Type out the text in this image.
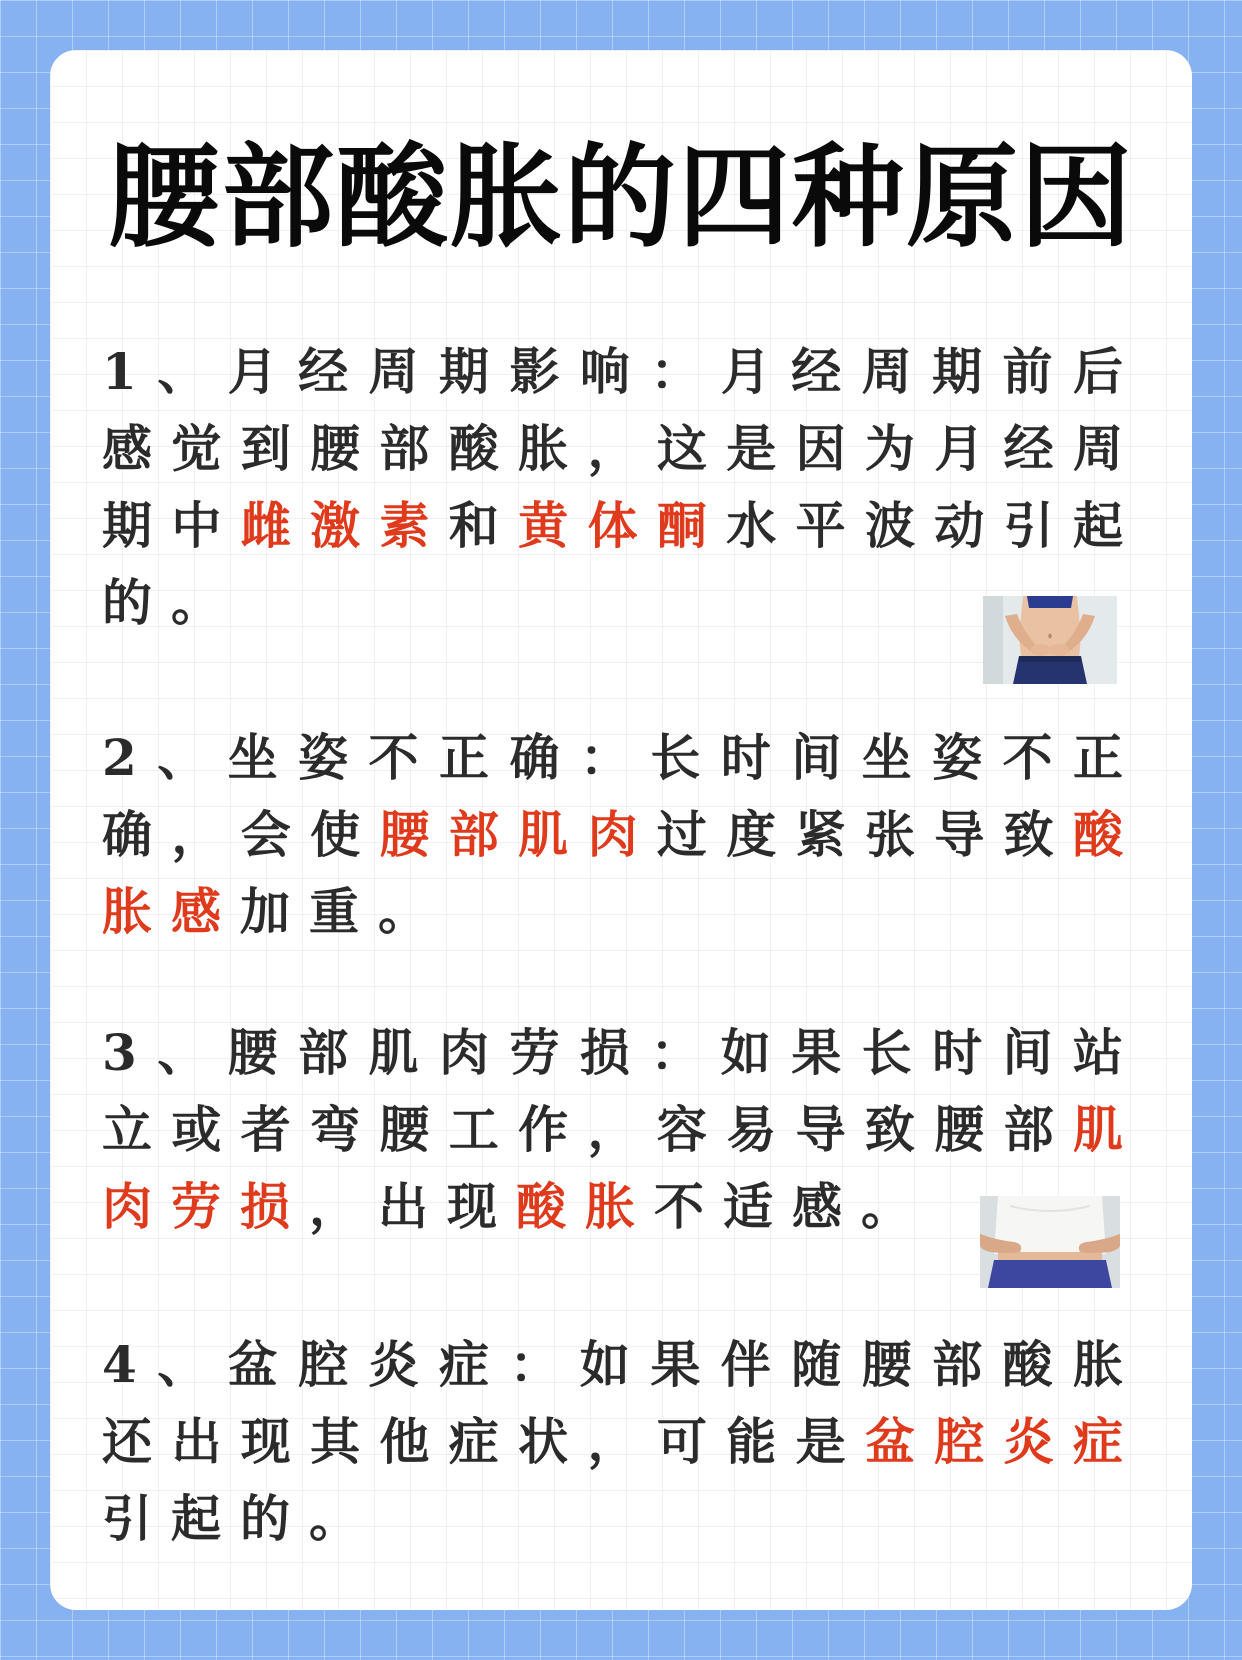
腰部酸胀的四种原因

1、月经周期影响：月经周期前后感觉到腰部酸胀，这是因为月经周期中雌激素和黄体酮水平波动引起的。

2、坐姿不正确：长时间坐姿不正确，会使腰部肌肉过度紧张导致酸胀感加重。

3、腰部肌肉劳损：如果长时间站立或者弯腰工作，容易导致腰部肌肉劳损，出现酸胀不适感。

4、盆腔炎症：如果伴随腰部酸胀还出现其他症状，可能是盆腔炎症引起的。
